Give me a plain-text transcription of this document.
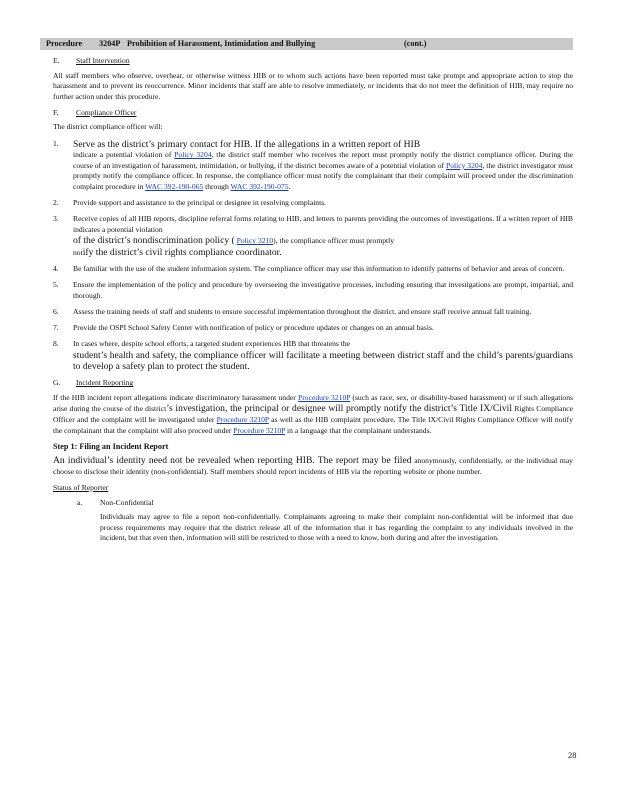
Procedure 3204P Prohibition of Harassment, Intimidation and Bullying	(cont.)
E. Staff Intervention

All staff members who observe, overhear, or otherwise witness HIB or to whom such actions have been reported must take prompt and appropriate action to stop the harassment and to prevent its reoccurrence. Minor incidents that staff are able to resolve immediately, or incidents that do not meet the definition of HIB, may require no further action under this procedure.

F. Compliance Officer

The district compliance officer will:

1.	Serve as the district’s primary contact for HIB. If the allegations in a written report of HIB
indicate a potential violation of Policy 3204, the district staff member who receives the report must promptly notify the district compliance officer. During the course of an investigation of harassment, intimidation, or bullying, if the district becomes aware of a potential violation of Policy 3204, the district investigator must promptly notify the compliance officer. In response, the compliance officer must notify the complainant that their complaint will proceed under the discrimination complaint procedure in WAC 392-190-065 through WAC 392-190-075.
2.	Provide support and assistance to the principal or designee in resolving complaints.
3.	Receive copies of all HIB reports, discipline referral forms relating to HIB, and letters to parents providing the outcomes of investigations. If a written report of HIB indicates a potential violation
of the district’s nondiscrimination policy ( Policy 3210), the compliance officer must promptly
notify the district’s civil rights compliance coordinator.
4.	Be familiar with the use of the student information system. The compliance officer may use this information to identify patterns of behavior and areas of concern.
5.	Ensure the implementation of the policy and procedure by overseeing the investigative processes, including ensuring that investigations are prompt, impartial, and thorough.
6.	Assess the training needs of staff and students to ensure successful implementation throughout the district, and ensure staff receive annual fall training.
7.	Provide the OSPI School Safety Center with notification of policy or procedure updates or changes on an annual basis.
8.	In cases where, despite school efforts, a targeted student experiences HIB that threatens the
student’s health and safety, the compliance officer will facilitate a meeting between district staff and the child’s parents/guardians to develop a safety plan to protect the student.
G. Incident Reporting

If the HIB incident report allegations indicate discriminatory harassment under Procedure 3210P (such as race, sex, or disability-based harassment) or if such allegations arise during the course of the district’s investigation, the principal or designee will promptly notify the district’s Title IX/Civil Rights Compliance Officer and the complaint will be investigated under Procedure 3210P as well as the HIB complaint procedure. The Title IX/Civil Rights Compliance Officer will notify the complainant that the complaint will also proceed under Procedure 3210P in a language that the complainant understands.

Step 1: Filing an Incident Report

An individual’s identity need not be revealed when reporting HIB. The report may be filed anonymously, confidentially, or the individual may choose to disclose their identity (non-confidential). Staff members should report incidents of HIB via the reporting website or phone number.

Status of Reporter
a. Non-Confidential

Individuals may agree to file a report non-confidentially. Complainants agreeing to make their complaint non-confidential will be informed that due process requirements may require that the district release all of the information that it has regarding the complaint to any individuals involved in the incident, but that even then, information will still be restricted to those with a need to know, both during and after the investigation.

28
